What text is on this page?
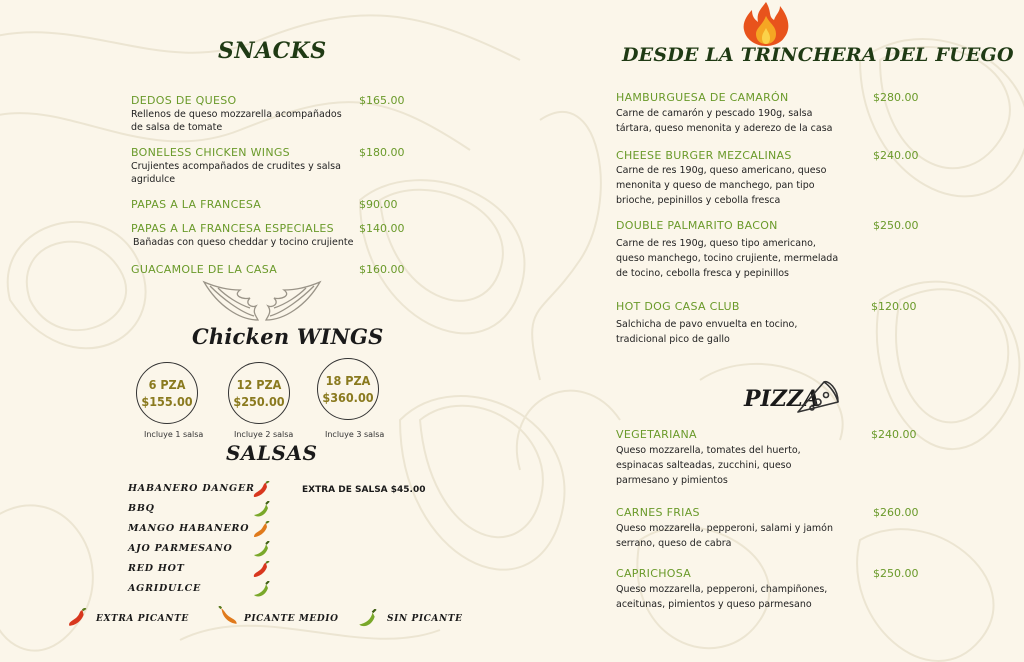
SNACKS
DEDOS DE QUESO	$165.00
Rellenos de queso mozzarella acompañados de salsa de tomate
BONELESS CHICKEN WINGS	$180.00
Crujientes acompañados de crudites y salsa agridulce
PAPAS A LA FRANCESA	$90.00
PAPAS A LA FRANCESA ESPECIALES $140.00
Bañadas con queso cheddar y tocino crujiente
GUACAMOLE DE LA CASA	$160.00
Chicken WINGS
6 PZA
$155.00
12 PZA
$250.00
18 PZA
$360.00
Incluye 1 salsa	Incluye 2 salsa	Incluye 3 salsa
SALSAS
EXTRA DE SALSA $45.00
HABANERO DANGER
BBQ
MANGO HABANERO
AJO PARMESANO
RED HOT
AGRIDULCE
EXTRA PICANTE	PICANTE MEDIO	SIN PICANTE
DESDE LA TRINCHERA DEL FUEGO
HAMBURGUESA DE CAMARÓN	$280.00
Carne de camarón y pescado 190g, salsa tártara, queso menonita y aderezo de la casa
CHEESE BURGER MEZCALINAS	$240.00
Carne de res 190g, queso americano, queso menonita y queso de manchego, pan tipo brioche, pepinillos y cebolla fresca
DOUBLE PALMARITO BACON	$250.00
Carne de res 190g, queso tipo americano, queso manchego, tocino crujiente, mermelada de tocino, cebolla fresca y pepinillos
HOT DOG CASA CLUB	$120.00
Salchicha de pavo envuelta en tocino, tradicional pico de gallo
PIZZA
VEGETARIANA	$240.00
Queso mozzarella, tomates del huerto, espinacas salteadas, zucchini, queso parmesano y pimientos
CARNES FRIAS	$260.00
Queso mozzarella, pepperoni, salami y jamón serrano, queso de cabra
CAPRICHOSA	$250.00
Queso mozzarella, pepperoni, champiñones, aceitunas, pimientos y queso parmesano
